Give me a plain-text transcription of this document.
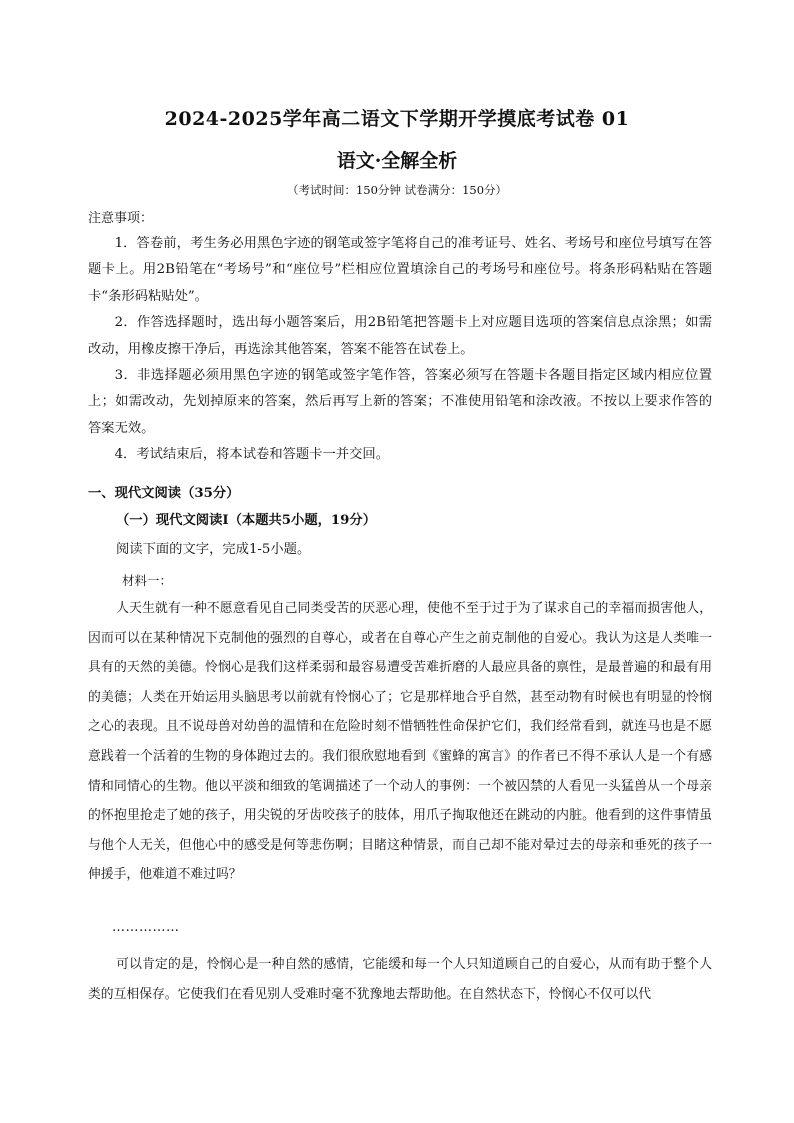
2024-2025学年高二语文下学期开学摸底考试卷 01
语文·全解全析
（考试时间：150分钟 试卷满分：150分）
注意事项：

1．答卷前，考生务必用黑色字迹的钢笔或签字笔将自己的准考证号、姓名、考场号和座位号填写在答题卡上。用2B铅笔在“考场号”和“座位号”栏相应位置填涂自己的考场号和座位号。将条形码粘贴在答题卡“条形码粘贴处”。

2．作答选择题时，选出每小题答案后，用2B铅笔把答题卡上对应题目选项的答案信息点涂黑；如需改动，用橡皮擦干净后，再选涂其他答案，答案不能答在试卷上。

3．非选择题必须用黑色字迹的钢笔或签字笔作答，答案必须写在答题卡各题目指定区域内相应位置上；如需改动，先划掉原来的答案，然后再写上新的答案；不准使用铅笔和涂改液。不按以上要求作答的答案无效。

4．考试结束后，将本试卷和答题卡一并交回。

一、现代文阅读（35分）
（一）现代文阅读Ⅰ（本题共5小题，19分）
阅读下面的文字，完成1-5小题。
材料一：

人天生就有一种不愿意看见自己同类受苦的厌恶心理，使他不至于过于为了谋求自己的幸福而损害他人，因而可以在某种情况下克制他的强烈的自尊心，或者在自尊心产生之前克制他的自爱心。我认为这是人类唯一具有的天然的美德。怜悯心是我们这样柔弱和最容易遭受苦难折磨的人最应具备的禀性，是最普遍的和最有用的美德；人类在开始运用头脑思考以前就有怜悯心了；它是那样地合乎自然，甚至动物有时候也有明显的怜悯之心的表现。且不说母兽对幼兽的温情和在危险时刻不惜牺牲性命保护它们，我们经常看到，就连马也是不愿意践着一个活着的生物的身体跑过去的。我们很欣慰地看到《蜜蜂的寓言》的作者已不得不承认人是一个有感情和同情心的生物。他以平淡和细致的笔调描述了一个动人的事例：一个被囚禁的人看见一头猛兽从一个母亲的怀抱里抢走了她的孩子，用尖锐的牙齿咬孩子的肢体，用爪子掏取他还在跳动的内脏。他看到的这件事情虽与他个人无关，但他心中的感受是何等悲伤啊；目睹这种情景，而自己却不能对晕过去的母亲和垂死的孩子一伸援手，他难道不难过吗？

……………

可以肯定的是，怜悯心是一种自然的感情，它能缓和每一个人只知道顾自己的自爱心，从而有助于整个人类的互相保存。它使我们在看见别人受难时毫不犹豫地去帮助他。在自然状态下，怜悯心不仅可以代
